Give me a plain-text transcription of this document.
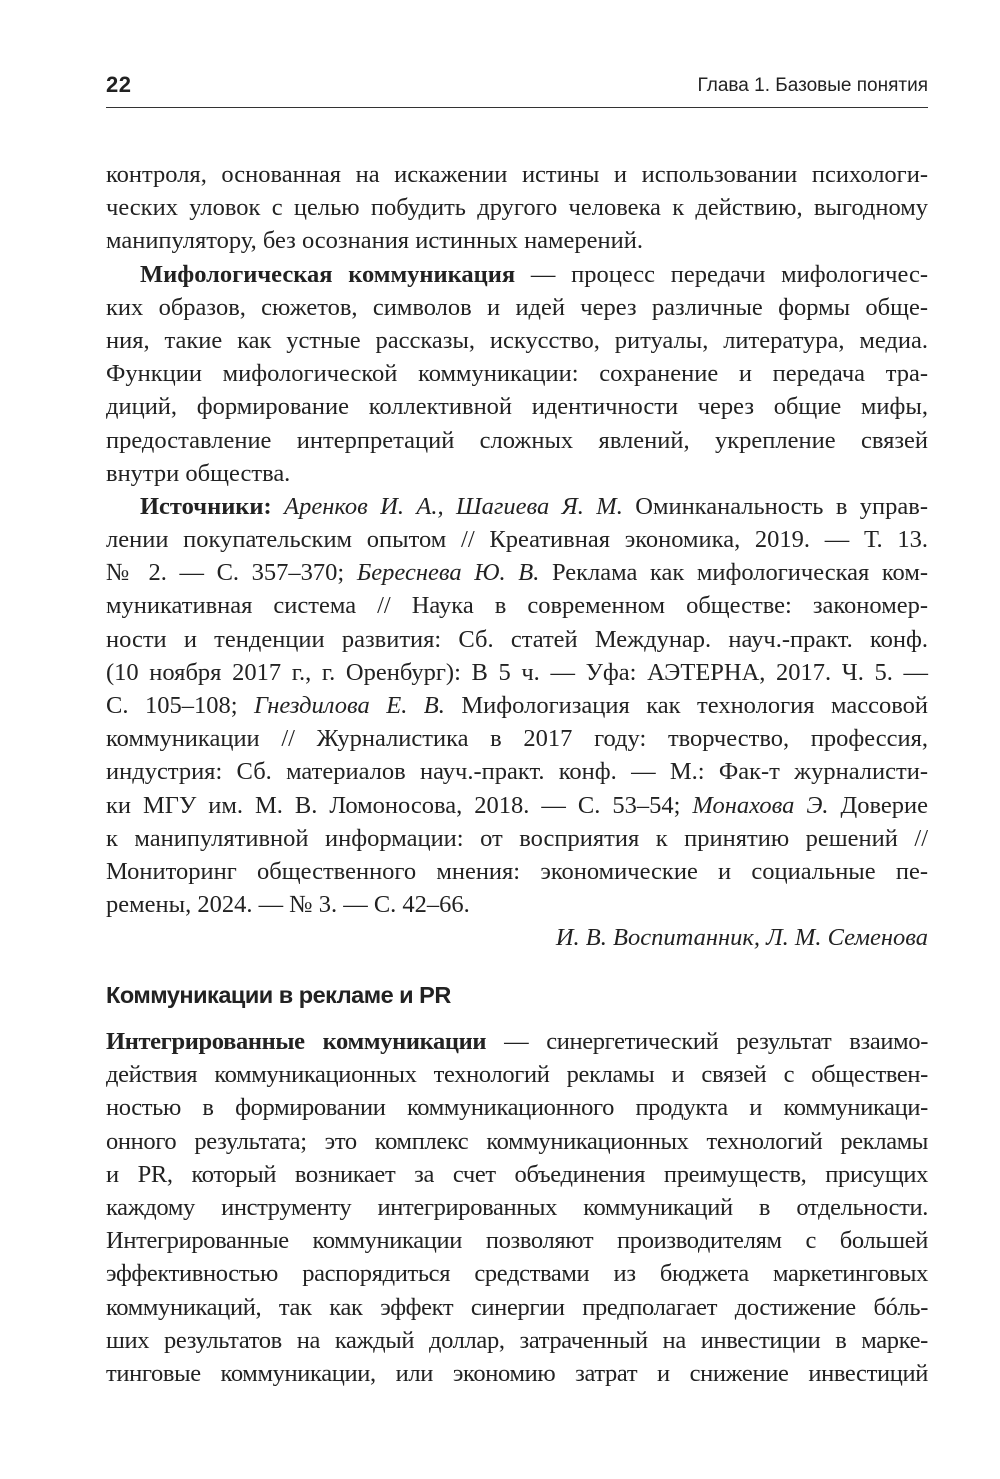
22	Глава 1. Базовые понятия
контроля, основанная на искажении истины и использовании психологи-
ческих уловок с целью побудить другого человека к действию, выгодному
манипулятору, без осознания истинных намерений.
Мифологическая коммуникация — процесс передачи мифологичес-
ких образов, сюжетов, символов и идей через различные формы обще-
ния, такие как устные рассказы, искусство, ритуалы, литература, медиа.
Функции мифологической коммуникации: сохранение и передача тра-
диций, формирование коллективной идентичности через общие мифы,
предоставление интерпретаций сложных явлений, укрепление связей
внутри общества.
Источники: Аренков И. А., Шагиева Я. М. Оминканальность в управ-
лении покупательским опытом // Креативная экономика, 2019. — Т. 13.
№ 2. — С. 357–370; Береснева Ю. В. Реклама как мифологическая ком-
муникативная система // Наука в современном обществе: закономер-
ности и тенденции развития: Сб. статей Междунар. науч.-практ. конф.
(10 ноября 2017 г., г. Оренбург): В 5 ч. — Уфа: АЭТЕРНА, 2017. Ч. 5. —
С. 105–108; Гнездилова Е. В. Мифологизация как технология массовой
коммуникации // Журналистика в 2017 году: творчество, профессия,
индустрия: Сб. материалов науч.-практ. конф. — М.: Фак-т журналисти-
ки МГУ им. М. В. Ломоносова, 2018. — С. 53–54; Монахова Э. Доверие
к манипулятивной информации: от восприятия к принятию решений //
Мониторинг общественного мнения: экономические и социальные пе-
ремены, 2024. — № 3. — С. 42–66.
И. В. Воспитанник, Л. М. Семенова
Коммуникации в рекламе и PR
Интегрированные коммуникации — синергетический результат взаимо-
действия коммуникационных технологий рекламы и связей с обществен-
ностью в формировании коммуникационного продукта и коммуникаци-
онного результата; это комплекс коммуникационных технологий рекламы
и PR, который возникает за счет объединения преимуществ, присущих
каждому инструменту интегрированных коммуникаций в отдельности.
Интегрированные коммуникации позволяют производителям с большей
эффективностью распорядиться средствами из бюджета маркетинговых
коммуникаций, так как эффект синергии предполагает достижение бóль-
ших результатов на каждый доллар, затраченный на инвестиции в марке-
тинговые коммуникации, или экономию затрат и снижение инвестиций
